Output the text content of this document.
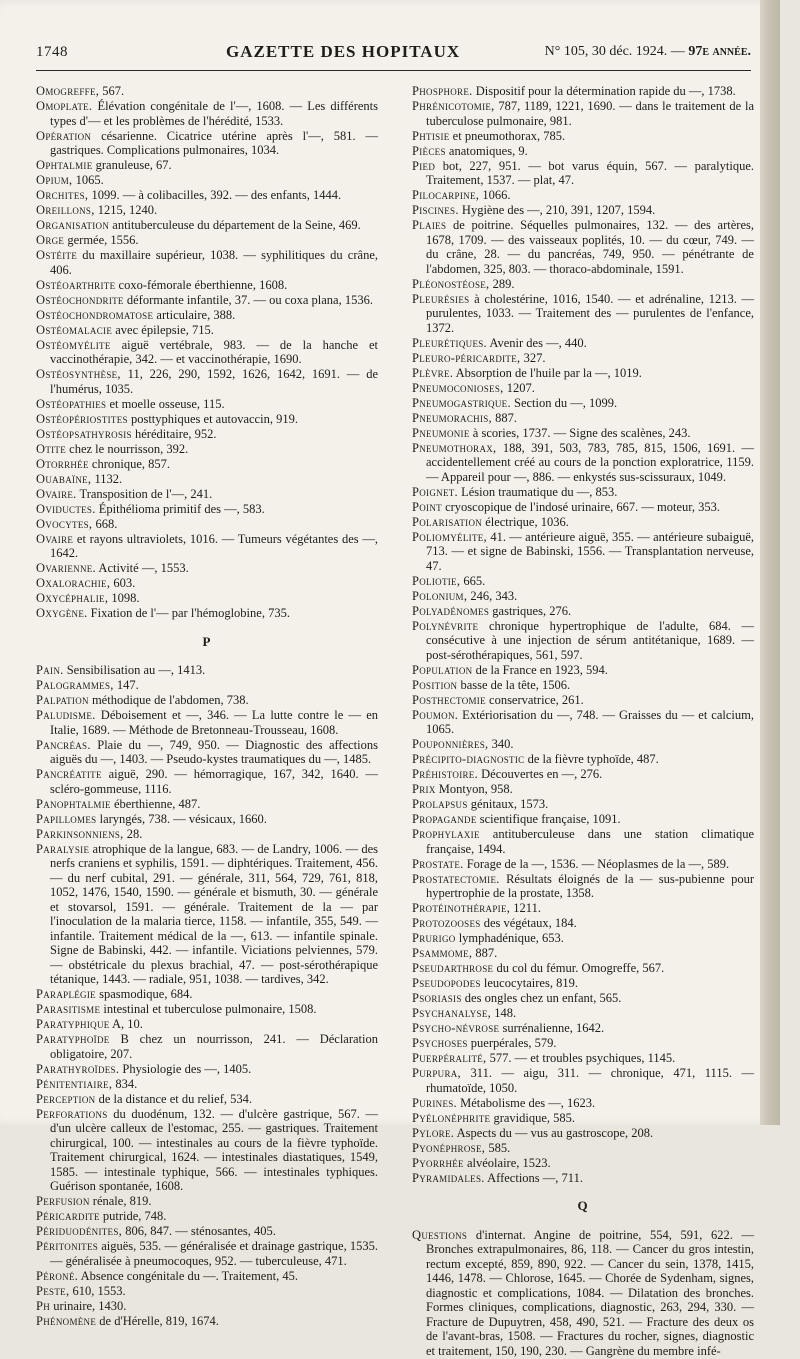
1748	GAZETTE DES HOPITAUX	N° 105, 30 déc. 1924. — 97e année.
Omogreffe, 567.
Omoplate. Élévation congénitale de l'—, 1608. — Les différents types d'— et les problèmes de l'hérédité, 1533.
Opération césarienne. Cicatrice utérine après l'—, 581. — gastriques. Complications pulmonaires, 1034.
Ophtalmie granuleuse, 67.
Opium, 1065.
Orchites, 1099. — à colibacilles, 392. — des enfants, 1444.
Oreillons, 1215, 1240.
Organisation antituberculeuse du département de la Seine, 469.
Orge germée, 1556.
Ostéite du maxillaire supérieur, 1038. — syphilitiques du crâne, 406.
Ostéoarthrite coxo-fémorale éberthienne, 1608.
Ostéochondrite déformante infantile, 37. — ou coxa plana, 1536.
Ostéochondromatose articulaire, 388.
Ostéomalacie avec épilepsie, 715.
Ostéomyélite aiguë vertébrale, 983. — de la hanche et vaccinothérapie, 342. — et vaccinothérapie, 1690.
Ostéosynthèse, 11, 226, 290, 1592, 1626, 1642, 1691. — de l'humérus, 1035.
Ostéopathies et moelle osseuse, 115.
Ostéopériostites posttyphiques et autovaccin, 919.
Ostéopsathyrosis héréditaire, 952.
Otite chez le nourrisson, 392.
Otorrhée chronique, 857.
Ouabaïne, 1132.
Ovaire. Transposition de l'—, 241.
Oviductes. Épithélioma primitif des —, 583.
Ovocytes, 668.
Ovaire et rayons ultraviolets, 1016. — Tumeurs végétantes des —, 1642.
Ovarienne. Activité —, 1553.
Oxalorachie, 603.
Oxycéphalie, 1098.
Oxygène. Fixation de l'— par l'hémoglobine, 735.
P
Pain. Sensibilisation au —, 1413.
Palogrammes, 147.
Palpation méthodique de l'abdomen, 738.
Paludisme. Déboisement et —, 346. — La lutte contre le — en Italie, 1689. — Méthode de Bretonneau-Trousseau, 1608.
Pancréas. Plaie du —, 749, 950. — Diagnostic des affections aiguës du —, 1403. — Pseudo-kystes traumatiques du —, 1485.
Pancréatite aiguë, 290. — hémorragique, 167, 342, 1640. — scléro-gommeuse, 1116.
Panophtalmie éberthienne, 487.
Papillomes laryngés, 738. — vésicaux, 1660.
Parkinsonniens, 28.
Paralysie atrophique de la langue, 683. — de Landry, 1006. — des nerfs craniens et syphilis, 1591. — diphtériques. Traitement, 456. — du nerf cubital, 291. — générale, 311, 564, 729, 761, 818, 1052, 1476, 1540, 1590. — générale et bismuth, 30. — générale et stovarsol, 1591. — générale. Traitement de la — par l'inoculation de la malaria tierce, 1158. — infantile, 355, 549. — infantile. Traitement médical de la —, 613. — infantile spinale. Signe de Babinski, 442. — infantile. Viciations pelviennes, 579. — obstétricale du plexus brachial, 47. — post-sérothérapique tétanique, 1443. — radiale, 951, 1038. — tardives, 342.
Paraplégie spasmodique, 684.
Parasitisme intestinal et tuberculose pulmonaire, 1508.
Paratyphique A, 10.
Paratyphoïde B chez un nourrisson, 241. — Déclaration obligatoire, 207.
Parathyroïdes. Physiologie des —, 1405.
Pénitentiaire, 834.
Perception de la distance et du relief, 534.
Perforations du duodénum, 132. — d'ulcère gastrique, 567. — d'un ulcère calleux de l'estomac, 255. — gastriques. Traitement chirurgical, 100. — intestinales au cours de la fièvre typhoïde. Traitement chirurgical, 1624. — intestinales diastatiques, 1549, 1585. — intestinale typhique, 566. — intestinales typhiques. Guérison spontanée, 1608.
Perfusion rénale, 819.
Péricardite putride, 748.
Périduodénites, 806, 847. — sténosantes, 405.
Péritonites aiguës, 535. — généralisée et drainage gastrique, 1535. — généralisée à pneumocoques, 952. — tuberculeuse, 471.
Péroné. Absence congénitale du —. Traitement, 45.
Peste, 610, 1553.
Ph urinaire, 1430.
Phénomène de d'Hérelle, 819, 1674.
Phosphore. Dispositif pour la détermination rapide du —, 1738.
Phrénicotomie, 787, 1189, 1221, 1690. — dans le traitement de la tuberculose pulmonaire, 981.
Phtisie et pneumothorax, 785.
Pièces anatomiques, 9.
Pied bot, 227, 951. — bot varus équin, 567. — paralytique. Traitement, 1537. — plat, 47.
Pilocarpine, 1066.
Piscines. Hygiène des —, 210, 391, 1207, 1594.
Plaies de poitrine. Séquelles pulmonaires, 132. — des artères, 1678, 1709. — des vaisseaux poplités, 10. — du cœur, 749. — du crâne, 28. — du pancréas, 749, 950. — pénétrante de l'abdomen, 325, 803. — thoraco-abdominale, 1591.
Pléonostéose, 289.
Pleurésies à cholestérine, 1016, 1540. — et adrénaline, 1213. — purulentes, 1033. — Traitement des — purulentes de l'enfance, 1372.
Pleurétiques. Avenir des —, 440.
Pleuro-péricardite, 327.
Plèvre. Absorption de l'huile par la —, 1019.
Pneumoconioses, 1207.
Pneumogastrique. Section du —, 1099.
Pneumorachis, 887.
Pneumonie à scories, 1737. — Signe des scalènes, 243.
Pneumothorax, 188, 391, 503, 783, 785, 815, 1506, 1691. — accidentellement créé au cours de la ponction exploratrice, 1159. — Appareil pour —, 886. — enkystés sus-scissuraux, 1049.
Poignet. Lésion traumatique du —, 853.
Point cryoscopique de l'indosé urinaire, 667. — moteur, 353.
Polarisation électrique, 1036.
Poliomyélite, 41. — antérieure aiguë, 355. — antérieure subaiguë, 713. — et signe de Babinski, 1556. — Transplantation nerveuse, 47.
Poliotie, 665.
Polonium, 246, 343.
Polyadénomes gastriques, 276.
Polynévrite chronique hypertrophique de l'adulte, 684. — consécutive à une injection de sérum antitétanique, 1689. — post-sérothérapiques, 561, 597.
Population de la France en 1923, 594.
Position basse de la tête, 1506.
Posthectomie conservatrice, 261.
Poumon. Extériorisation du —, 748. — Graisses du — et calcium, 1065.
Pouponnières, 340.
Précipito-diagnostic de la fièvre typhoïde, 487.
Préhistoire. Découvertes en —, 276.
Prix Montyon, 958.
Prolapsus génitaux, 1573.
Propagande scientifique française, 1091.
Prophylaxie antituberculeuse dans une station climatique française, 1494.
Prostate. Forage de la —, 1536. — Néoplasmes de la —, 589.
Prostatectomie. Résultats éloignés de la — sus-pubienne pour hypertrophie de la prostate, 1358.
Protéinothérapie, 1211.
Protozooses des végétaux, 184.
Prurigo lymphadénique, 653.
Psammome, 887.
Pseudarthrose du col du fémur. Omogreffe, 567.
Pseudopodes leucocytaires, 819.
Psoriasis des ongles chez un enfant, 565.
Psychanalyse, 148.
Psycho-névrose surrénalienne, 1642.
Psychoses puerpérales, 579.
Puerpéralité, 577. — et troubles psychiques, 1145.
Purpura, 311. — aigu, 311. — chronique, 471, 1115. — rhumatoïde, 1050.
Purines. Métabolisme des —, 1623.
Pyélonéphrite gravidique, 585.
Pylore. Aspects du — vus au gastroscope, 208.
Pyonéphrose, 585.
Pyorrhée alvéolaire, 1523.
Pyramidales. Affections —, 711.
Q
Questions d'internat. Angine de poitrine, 554, 591, 622. — Bronches extrapulmonaires, 86, 118. — Cancer du gros intestin, rectum excepté, 859, 890, 922. — Cancer du sein, 1378, 1415, 1446, 1478. — Chlorose, 1645. — Chorée de Sydenham, signes, diagnostic et complications, 1084. — Dilatation des bronches. Formes cliniques, complications, diagnostic, 263, 294, 330. — Fracture de Dupuytren, 458, 490, 521. — Fracture des deux os de l'avant-bras, 1508. — Fractures du rocher, signes, diagnostic et traitement, 150, 190, 230. — Gangrène du membre infé-
